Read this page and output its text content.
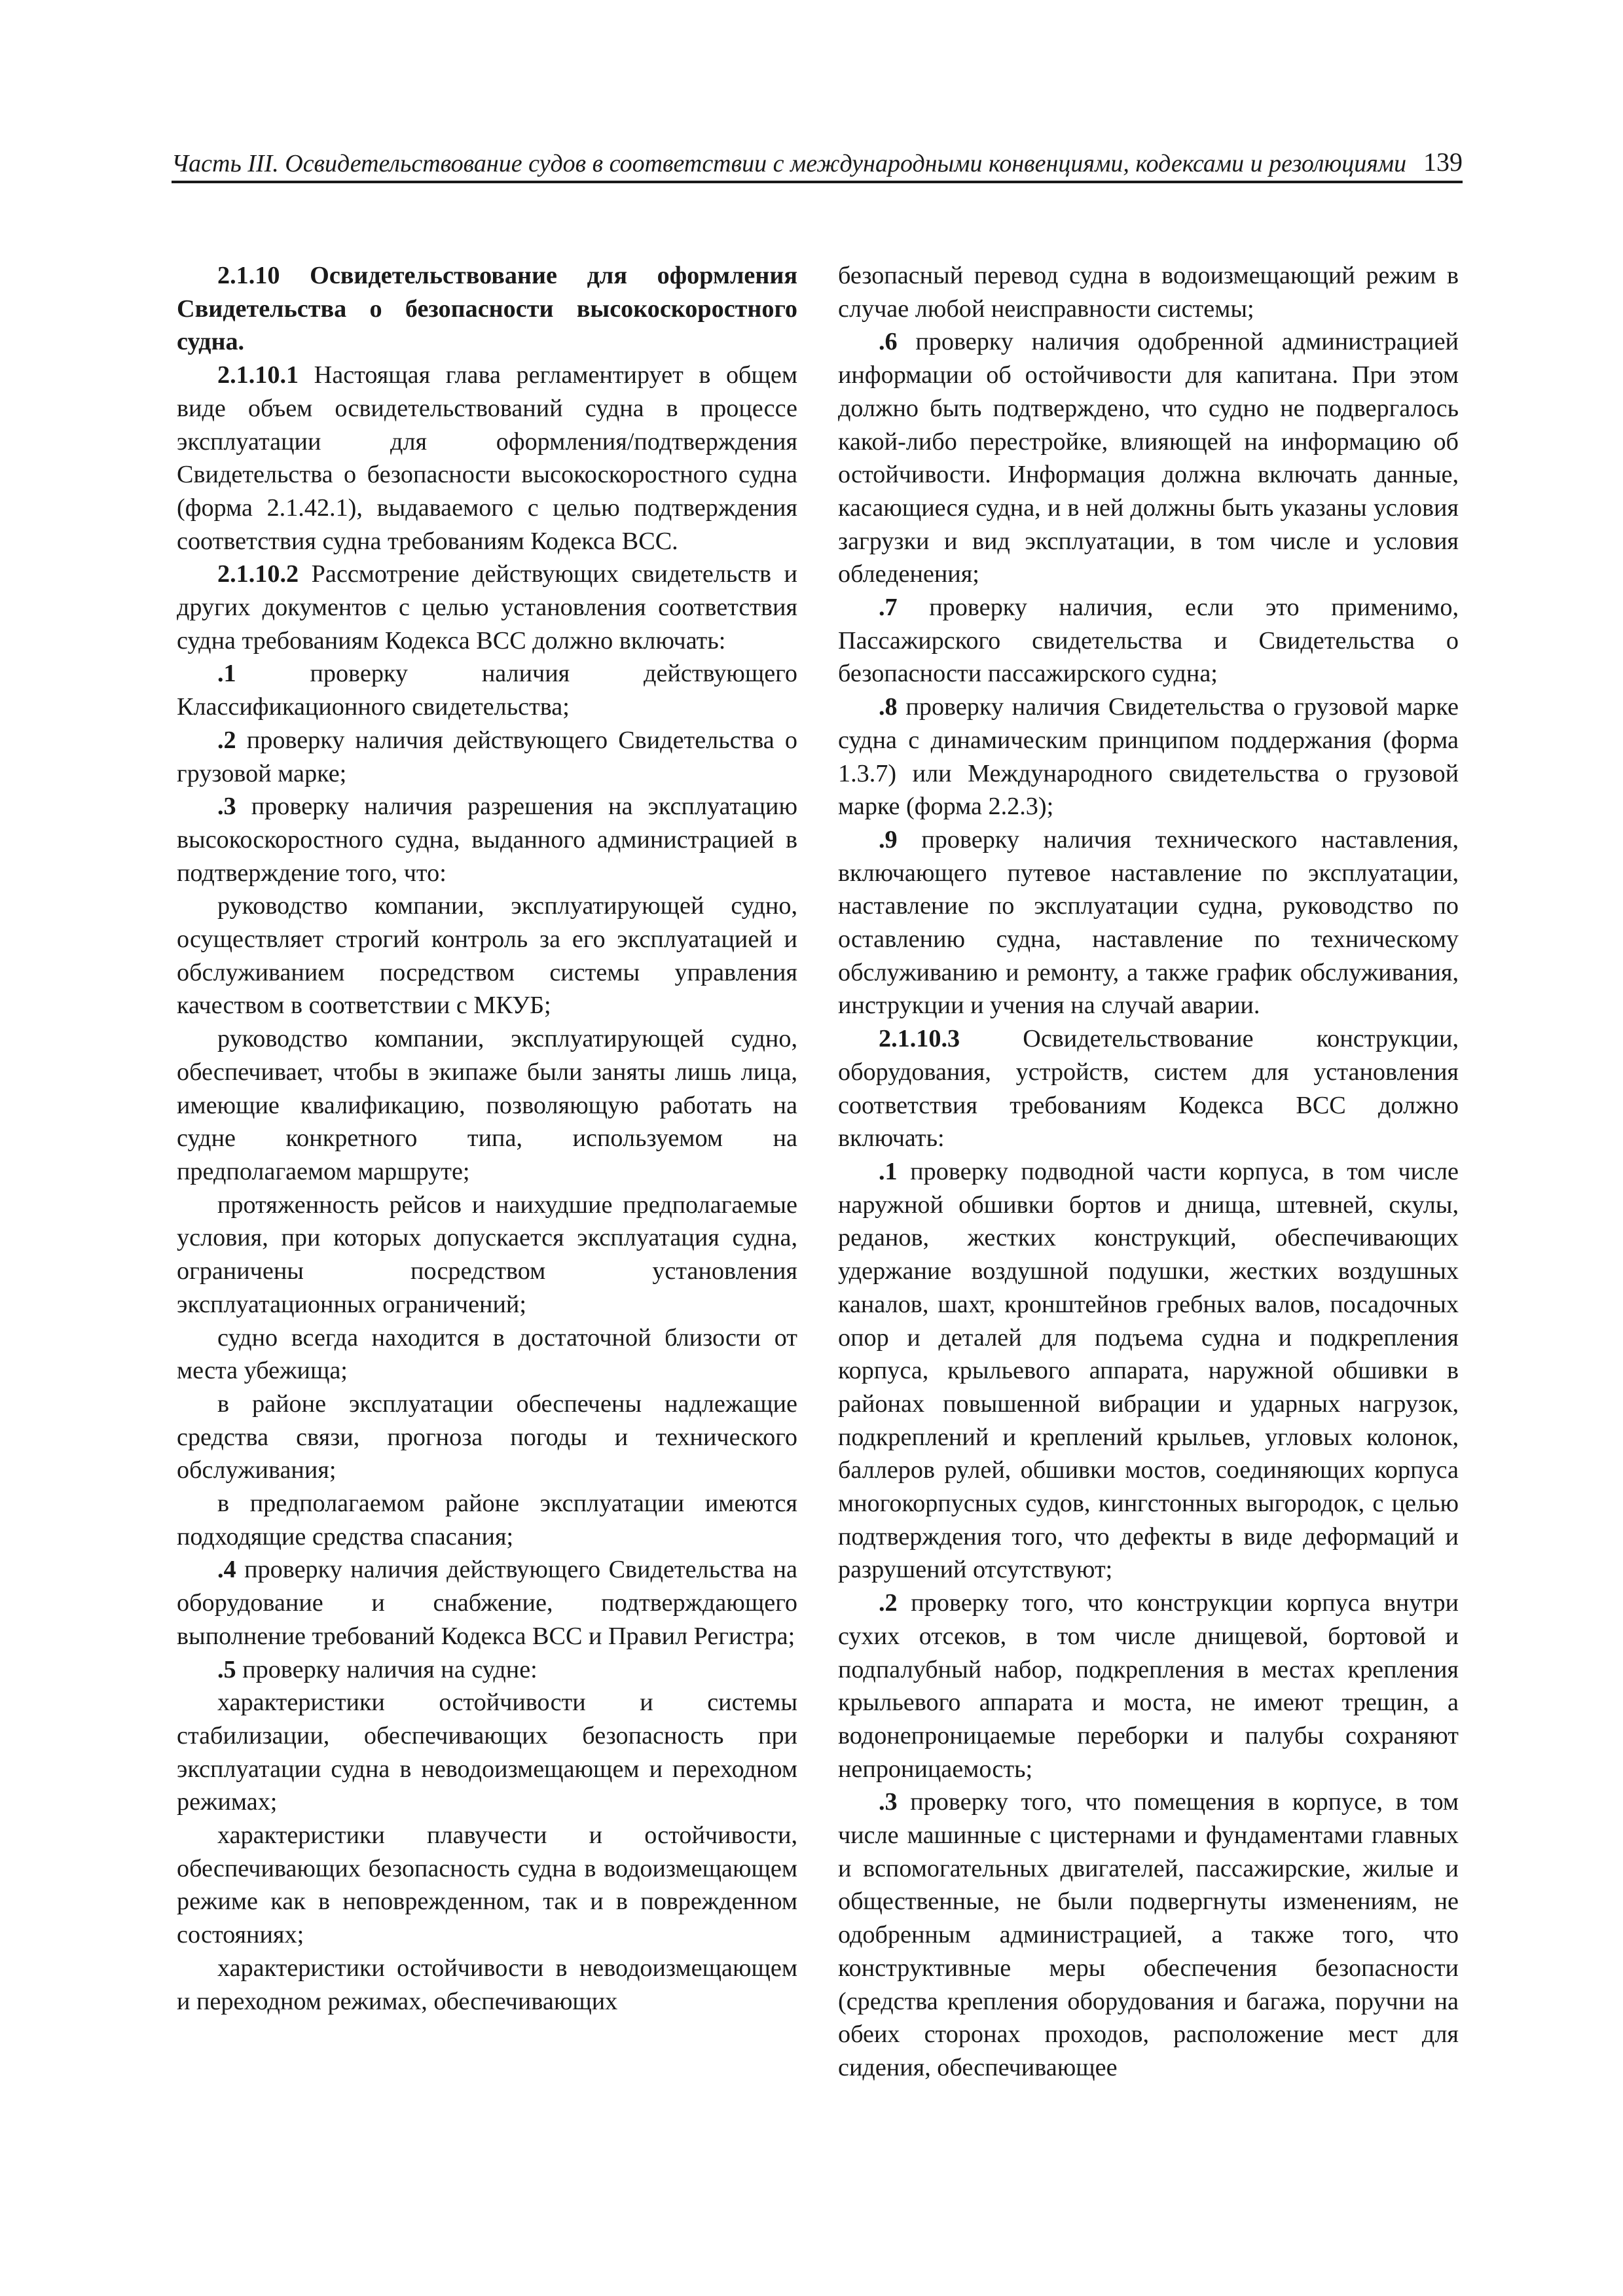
Часть III. Освидетельствование судов в соответствии с международными конвенциями, кодексами и резолюциями 139

2.1.10 Освидетельствование для оформления Свидетельства о безопасности высокоскоростного судна.

2.1.10.1 Настоящая глава регламентирует в общем виде объем освидетельствований судна в процессе эксплуатации для оформления/подтверждения Свидетельства о безопасности высокоскоростного судна (форма 2.1.42.1), выдаваемого с целью подтверждения соответствия судна требованиям Кодекса ВСС.

2.1.10.2 Рассмотрение действующих свидетельств и других документов с целью установления соответствия судна требованиям Кодекса ВСС должно включать:

.1 проверку наличия действующего Классификационного свидетельства;

.2 проверку наличия действующего Свидетельства о грузовой марке;

.3 проверку наличия разрешения на эксплуатацию высокоскоростного судна, выданного администрацией в подтверждение того, что:

руководство компании, эксплуатирующей судно, осуществляет строгий контроль за его эксплуатацией и обслуживанием посредством системы управления качеством в соответствии с МКУБ;

руководство компании, эксплуатирующей судно, обеспечивает, чтобы в экипаже были заняты лишь лица, имеющие квалификацию, позволяющую работать на судне конкретного типа, используемом на предполагаемом маршруте;

протяженность рейсов и наихудшие предполагаемые условия, при которых допускается эксплуатация судна, ограничены посредством установления эксплуатационных ограничений;

судно всегда находится в достаточной близости от места убежища;

в районе эксплуатации обеспечены надлежащие средства связи, прогноза погоды и технического обслуживания;

в предполагаемом районе эксплуатации имеются подходящие средства спасания;

.4 проверку наличия действующего Свидетельства на оборудование и снабжение, подтверждающего выполнение требований Кодекса ВСС и Правил Регистра;

.5 проверку наличия на судне:

характеристики остойчивости и системы стабилизации, обеспечивающих безопасность при эксплуатации судна в неводоизмещающем и переходном режимах;

характеристики плавучести и остойчивости, обеспечивающих безопасность судна в водоизмещающем режиме как в неповрежденном, так и в поврежденном состояниях;

характеристики остойчивости в неводоизмещающем и переходном режимах, обеспечивающих

безопасный перевод судна в водоизмещающий режим в случае любой неисправности системы;

.6 проверку наличия одобренной администрацией информации об остойчивости для капитана. При этом должно быть подтверждено, что судно не подвергалось какой-либо перестройке, влияющей на информацию об остойчивости. Информация должна включать данные, касающиеся судна, и в ней должны быть указаны условия загрузки и вид эксплуатации, в том числе и условия обледенения;

.7 проверку наличия, если это применимо, Пассажирского свидетельства и Свидетельства о безопасности пассажирского судна;

.8 проверку наличия Свидетельства о грузовой марке судна с динамическим принципом поддержания (форма 1.3.7) или Международного свидетельства о грузовой марке (форма 2.2.3);

.9 проверку наличия технического наставления, включающего путевое наставление по эксплуатации, наставление по эксплуатации судна, руководство по оставлению судна, наставление по техническому обслуживанию и ремонту, а также график обслуживания, инструкции и учения на случай аварии.

2.1.10.3 Освидетельствование конструкции, оборудования, устройств, систем для установления соответствия требованиям Кодекса ВСС должно включать:

.1 проверку подводной части корпуса, в том числе наружной обшивки бортов и днища, штевней, скулы, реданов, жестких конструкций, обеспечивающих удержание воздушной подушки, жестких воздушных каналов, шахт, кронштейнов гребных валов, посадочных опор и деталей для подъема судна и подкрепления корпуса, крыльевого аппарата, наружной обшивки в районах повышенной вибрации и ударных нагрузок, подкреплений и креплений крыльев, угловых колонок, баллеров рулей, обшивки мостов, соединяющих корпуса многокорпусных судов, кингстонных выгородок, с целью подтверждения того, что дефекты в виде деформаций и разрушений отсутствуют;

.2 проверку того, что конструкции корпуса внутри сухих отсеков, в том числе днищевой, бортовой и подпалубный набор, подкрепления в местах крепления крыльевого аппарата и моста, не имеют трещин, а водонепроницаемые переборки и палубы сохраняют непроницаемость;

.3 проверку того, что помещения в корпусе, в том числе машинные с цистернами и фундаментами главных и вспомогательных двигателей, пассажирские, жилые и общественные, не были подвергнуты изменениям, не одобренным администрацией, а также того, что конструктивные меры обеспечения безопасности (средства крепления оборудования и багажа, поручни на обеих сторонах проходов, расположение мест для сидения, обеспечивающее
